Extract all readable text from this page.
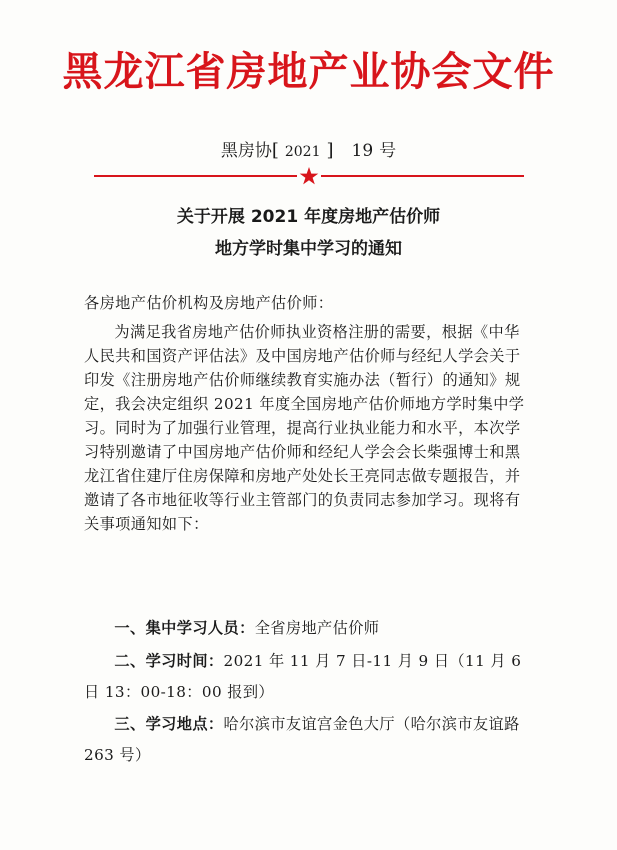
黑龙江省房地产业协会文件
黑房协[ 2021 ] 19 号
关于开展 2021 年度房地产估价师
地方学时集中学习的通知
各房地产估价机构及房地产估价师：
为满足我省房地产估价师执业资格注册的需要，根据《中华人民共和国资产评估法》及中国房地产估价师与经纪人学会关于印发《注册房地产估价师继续教育实施办法（暂行）的通知》规定，我会决定组织 2021 年度全国房地产估价师地方学时集中学习。同时为了加强行业管理，提高行业执业能力和水平，本次学习特别邀请了中国房地产估价师和经纪人学会会长柴强博士和黑龙江省住建厅住房保障和房地产处处长王亮同志做专题报告，并邀请了各市地征收等行业主管部门的负责同志参加学习。现将有关事项通知如下：
一、集中学习人员：全省房地产估价师
二、学习时间：2021 年 11 月 7 日-11 月 9 日（11 月 6 日 13：00-18：00 报到）
三、学习地点：哈尔滨市友谊宫金色大厅（哈尔滨市友谊路 263 号）
